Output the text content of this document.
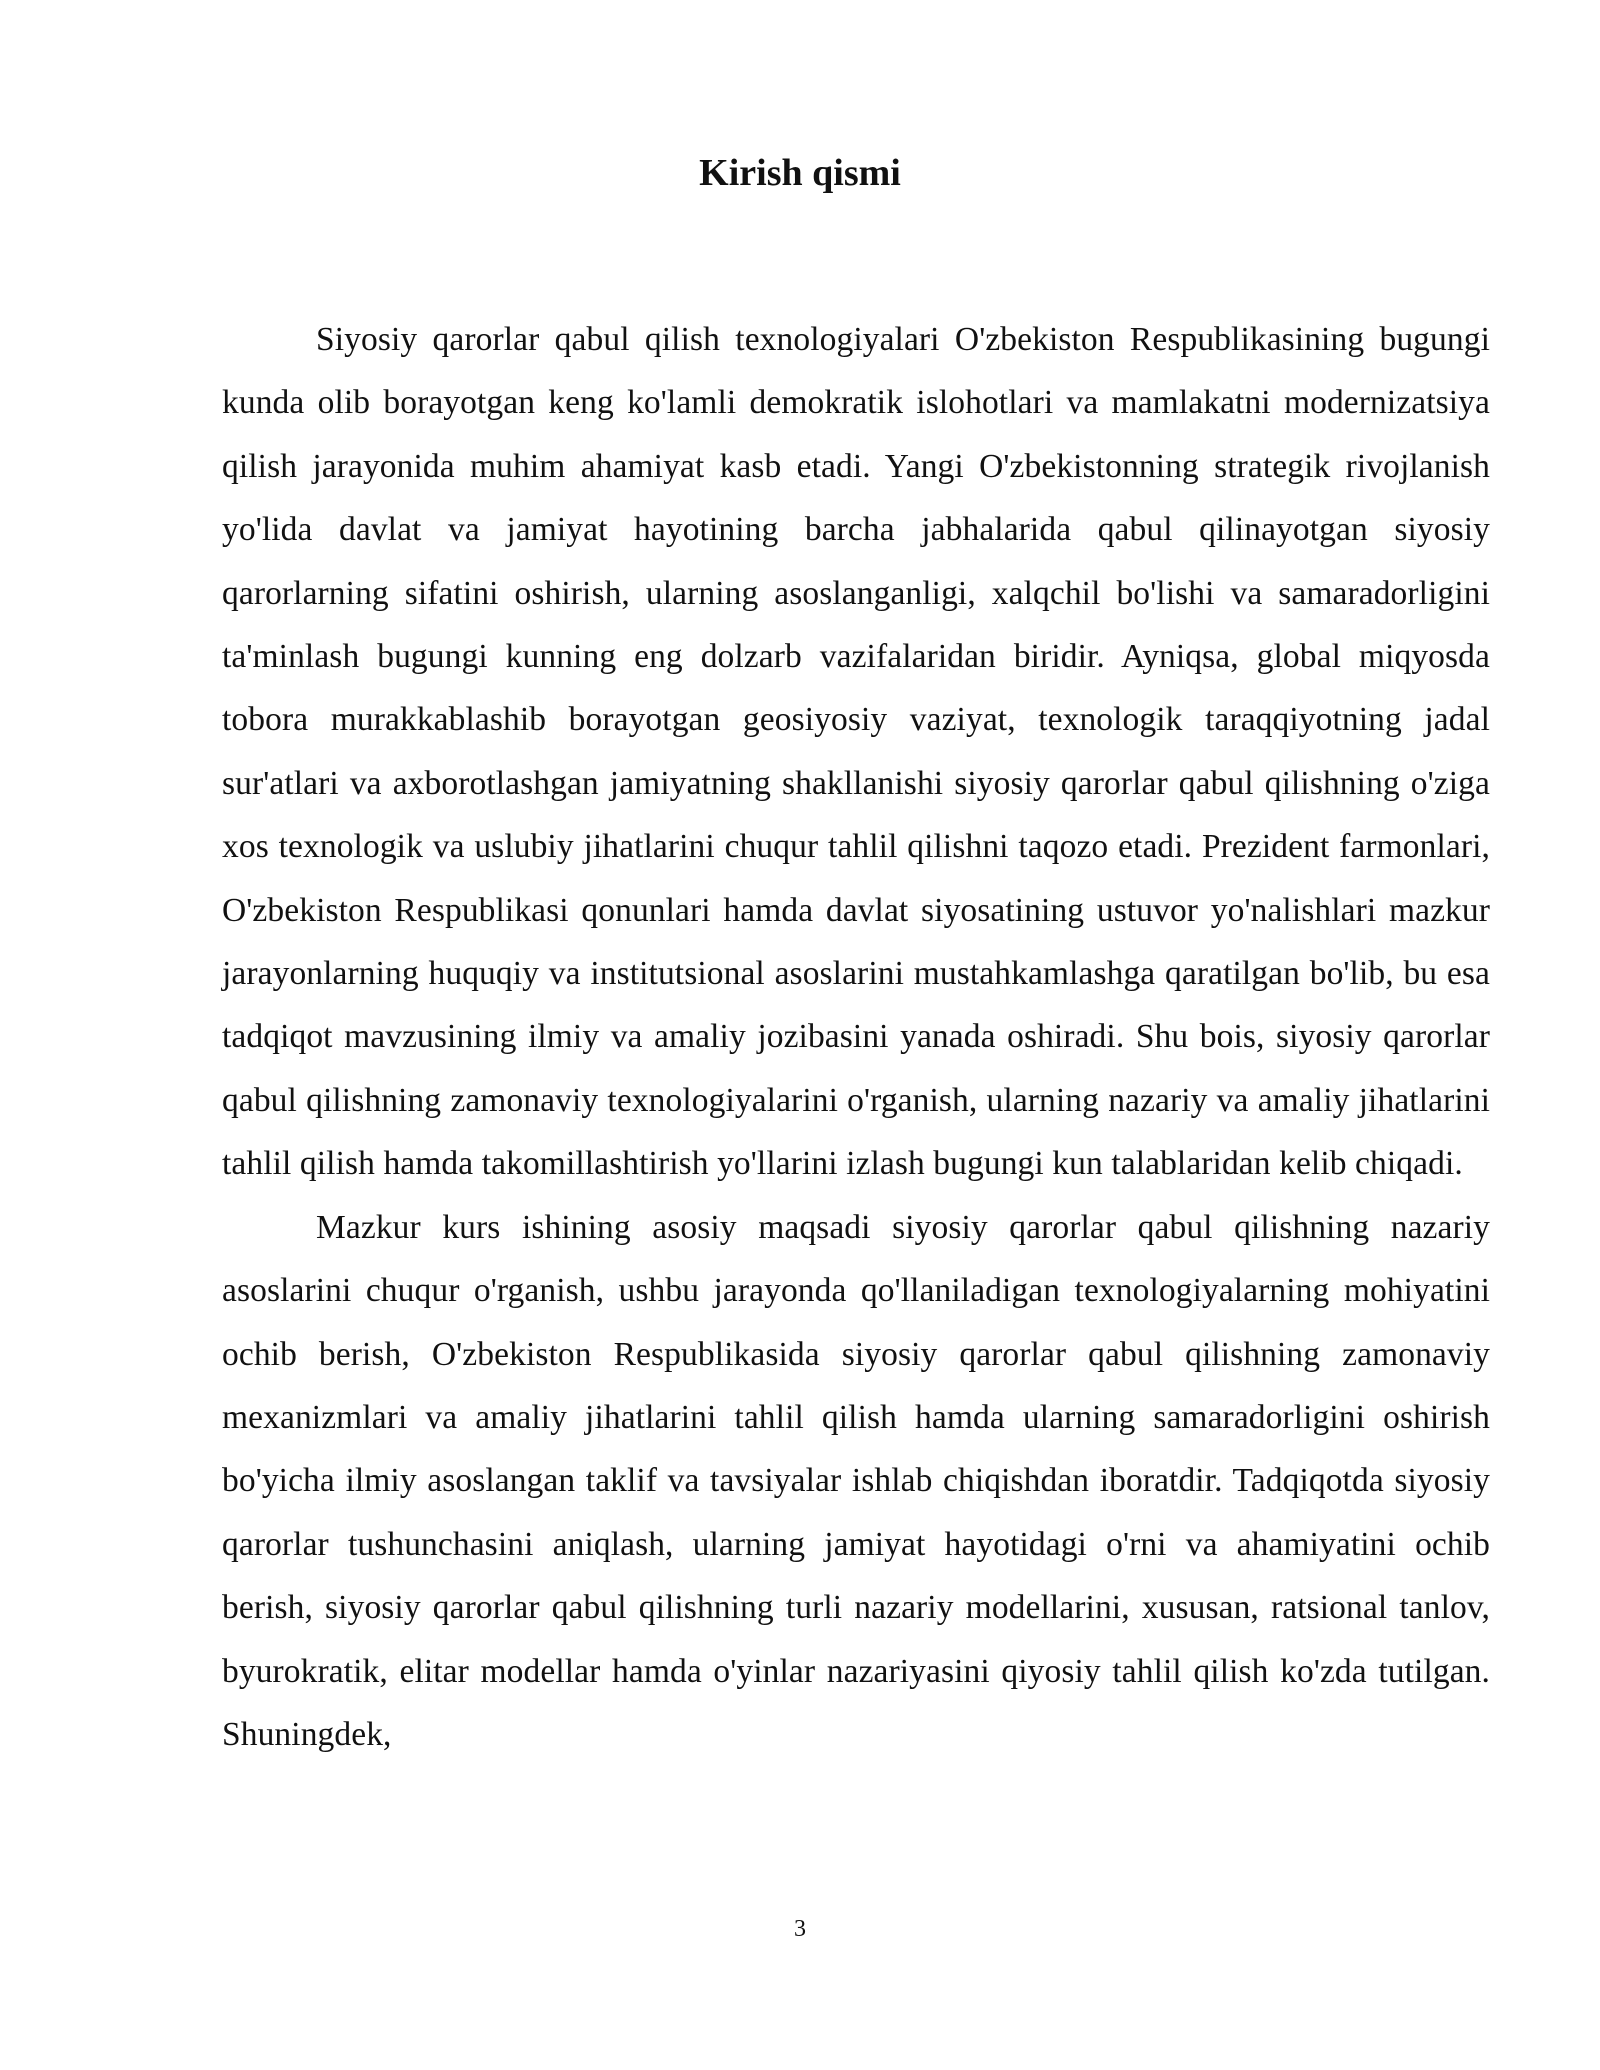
Kirish qismi

Siyosiy qarorlar qabul qilish texnologiyalari O'zbekiston Respublikasining bugungi kunda olib borayotgan keng ko'lamli demokratik islohotlari va mamlakatni modernizatsiya qilish jarayonida muhim ahamiyat kasb etadi. Yangi O'zbekistonning strategik rivojlanish yo'lida davlat va jamiyat hayotining barcha jabhalarida qabul qilinayotgan siyosiy qarorlarning sifatini oshirish, ularning asoslanganligi, xalqchil bo'lishi va samaradorligini ta'minlash bugungi kunning eng dolzarb vazifalaridan biridir. Ayniqsa, global miqyosda tobora murakkablashib borayotgan geosiyosiy vaziyat, texnologik taraqqiyotning jadal sur'atlari va axborotlashgan jamiyatning shakllanishi siyosiy qarorlar qabul qilishning o'ziga xos texnologik va uslubiy jihatlarini chuqur tahlil qilishni taqozo etadi. Prezident farmonlari, O'zbekiston Respublikasi qonunlari hamda davlat siyosatining ustuvor yo'nalishlari mazkur jarayonlarning huquqiy va institutsional asoslarini mustahkamlashga qaratilgan bo'lib, bu esa tadqiqot mavzusining ilmiy va amaliy jozibasini yanada oshiradi. Shu bois, siyosiy qarorlar qabul qilishning zamonaviy texnologiyalarini o'rganish, ularning nazariy va amaliy jihatlarini tahlil qilish hamda takomillashtirish yo'llarini izlash bugungi kun talablaridan kelib chiqadi.

Mazkur kurs ishining asosiy maqsadi siyosiy qarorlar qabul qilishning nazariy asoslarini chuqur o'rganish, ushbu jarayonda qo'llaniladigan texnologiyalarning mohiyatini ochib berish, O'zbekiston Respublikasida siyosiy qarorlar qabul qilishning zamonaviy mexanizmlari va amaliy jihatlarini tahlil qilish hamda ularning samaradorligini oshirish bo'yicha ilmiy asoslangan taklif va tavsiyalar ishlab chiqishdan iboratdir. Tadqiqotda siyosiy qarorlar tushunchasini aniqlash, ularning jamiyat hayotidagi o'rni va ahamiyatini ochib berish, siyosiy qarorlar qabul qilishning turli nazariy modellarini, xususan, ratsional tanlov, byurokratik, elitar modellar hamda o'yinlar nazariyasini qiyosiy tahlil qilish ko'zda tutilgan. Shuningdek,

3
